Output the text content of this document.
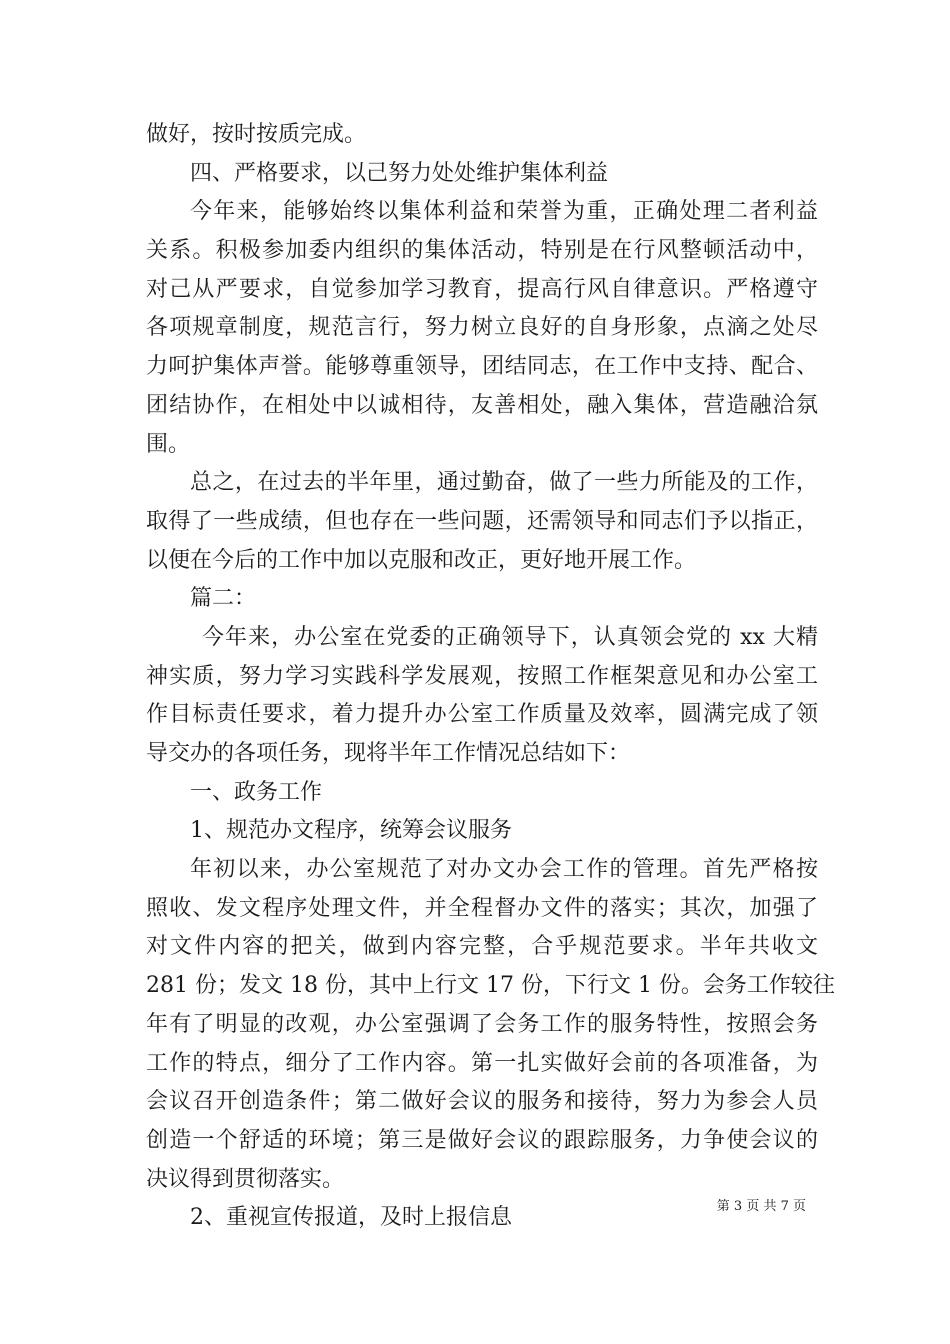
做好，按时按质完成。
四、严格要求，以己努力处处维护集体利益
今年来，能够始终以集体利益和荣誉为重，正确处理二者利益
关系。积极参加委内组织的集体活动，特别是在行风整顿活动中，
对己从严要求，自觉参加学习教育，提高行风自律意识。严格遵守
各项规章制度，规范言行，努力树立良好的自身形象，点滴之处尽
力呵护集体声誉。能够尊重领导，团结同志，在工作中支持、配合、
团结协作，在相处中以诚相待，友善相处，融入集体，营造融洽氛
围。
总之，在过去的半年里，通过勤奋，做了一些力所能及的工作，
取得了一些成绩，但也存在一些问题，还需领导和同志们予以指正，
以便在今后的工作中加以克服和改正，更好地开展工作。
篇二：
今年来，办公室在党委的正确领导下，认真领会党的 xx 大精
神实质，努力学习实践科学发展观，按照工作框架意见和办公室工
作目标责任要求，着力提升办公室工作质量及效率，圆满完成了领
导交办的各项任务，现将半年工作情况总结如下：
一、政务工作
1、规范办文程序，统筹会议服务
年初以来，办公室规范了对办文办会工作的管理。首先严格按
照收、发文程序处理文件，并全程督办文件的落实；其次，加强了
对文件内容的把关，做到内容完整，合乎规范要求。半年共收文
281 份；发文 18 份，其中上行文 17 份，下行文 1 份。会务工作较往
年有了明显的改观，办公室强调了会务工作的服务特性，按照会务
工作的特点，细分了工作内容。第一扎实做好会前的各项准备，为
会议召开创造条件；第二做好会议的服务和接待，努力为参会人员
创造一个舒适的环境；第三是做好会议的跟踪服务，力争使会议的
决议得到贯彻落实。
2、重视宣传报道，及时上报信息	第 3 页 共 7 页
